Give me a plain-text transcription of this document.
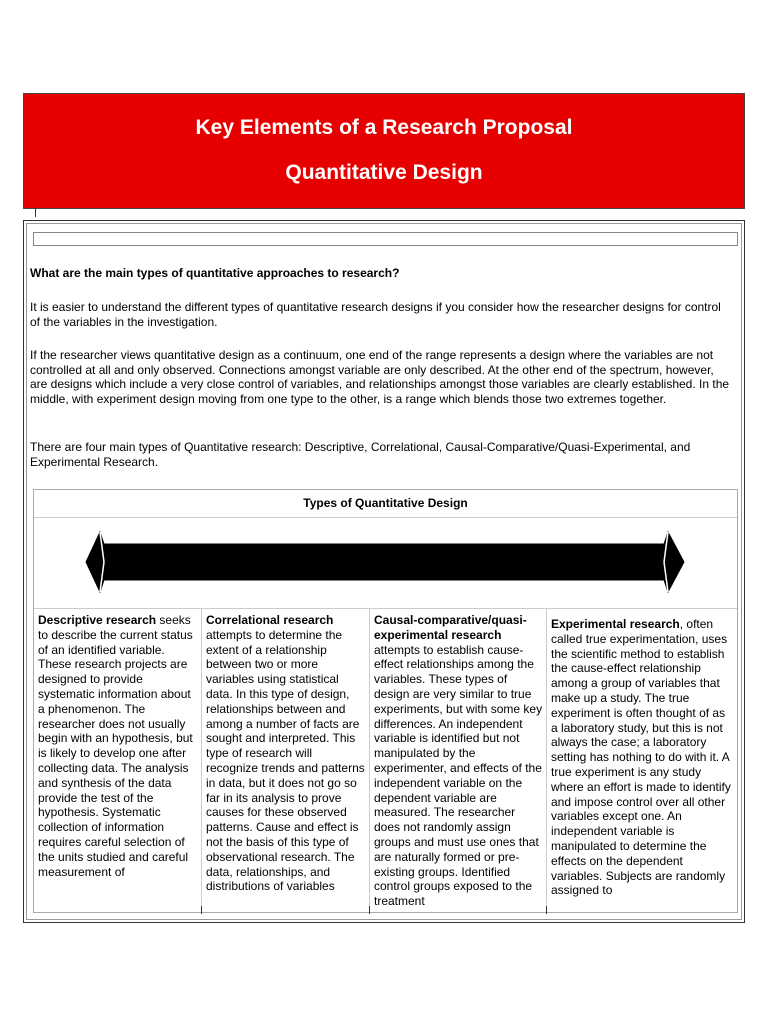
Key Elements of a Research Proposal
Quantitative Design
What are the main types of quantitative approaches to research?
It is easier to understand the different types of quantitative research designs if you consider how the researcher designs for control of the variables in the investigation.
If the researcher views quantitative design as a continuum, one end of the range represents a design where the variables are not controlled at all and only observed. Connections amongst variable are only described. At the other end of the spectrum, however, are designs which include a very close control of variables, and relationships amongst those variables are clearly established. In the middle, with experiment design moving from one type to the other, is a range which blends those two extremes together.
There are four main types of Quantitative research: Descriptive, Correlational, Causal-Comparative/Quasi-Experimental, and Experimental Research.
Types of Quantitative Design
Descriptive research seeks to describe the current status of an identified variable. These research projects are designed to provide systematic information about a phenomenon. The researcher does not usually begin with an hypothesis, but is likely to develop one after collecting data. The analysis and synthesis of the data provide the test of the hypothesis. Systematic collection of information requires careful selection of the units studied and careful measurement of
Correlational research attempts to determine the extent of a relationship between two or more variables using statistical data. In this type of design, relationships between and among a number of facts are sought and interpreted. This type of research will recognize trends and patterns in data, but it does not go so far in its analysis to prove causes for these observed patterns. Cause and effect is not the basis of this type of observational research. The data, relationships, and distributions of variables
Causal-comparative/quasi-experimental research attempts to establish cause-effect relationships among the variables. These types of design are very similar to true experiments, but with some key differences. An independent variable is identified but not manipulated by the experimenter, and effects of the independent variable on the dependent variable are measured. The researcher does not randomly assign groups and must use ones that are naturally formed or pre-existing groups. Identified control groups exposed to the treatment
Experimental research, often called true experimentation, uses the scientific method to establish the cause-effect relationship among a group of variables that make up a study. The true experiment is often thought of as a laboratory study, but this is not always the case; a laboratory setting has nothing to do with it. A true experiment is any study where an effort is made to identify and impose control over all other variables except one. An independent variable is manipulated to determine the effects on the dependent variables. Subjects are randomly assigned to
